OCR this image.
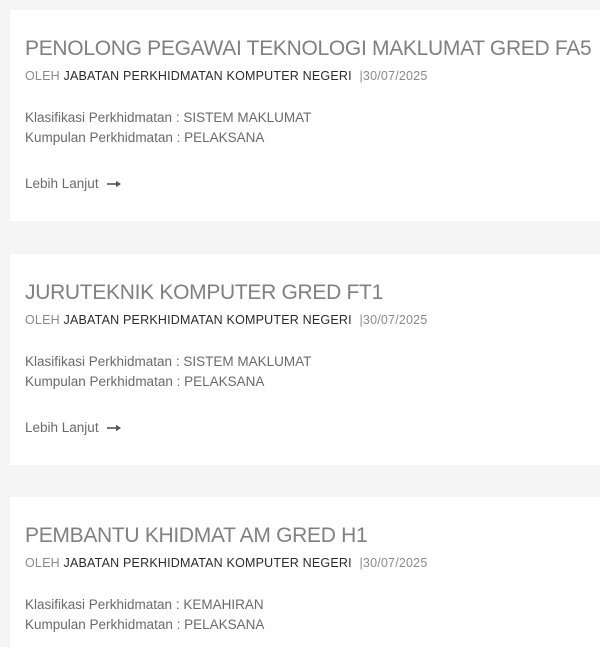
PENOLONG PEGAWAI TEKNOLOGI MAKLUMAT GRED FA5
OLEH JABATAN PERKHIDMATAN KOMPUTER NEGERI |30/07/2025
Klasifikasi Perkhidmatan : SISTEM MAKLUMAT
Kumpulan Perkhidmatan : PELAKSANA
Lebih Lanjut
JURUTEKNIK KOMPUTER GRED FT1
OLEH JABATAN PERKHIDMATAN KOMPUTER NEGERI |30/07/2025
Klasifikasi Perkhidmatan : SISTEM MAKLUMAT
Kumpulan Perkhidmatan : PELAKSANA
Lebih Lanjut
PEMBANTU KHIDMAT AM GRED H1
OLEH JABATAN PERKHIDMATAN KOMPUTER NEGERI |30/07/2025
Klasifikasi Perkhidmatan : KEMAHIRAN
Kumpulan Perkhidmatan : PELAKSANA
